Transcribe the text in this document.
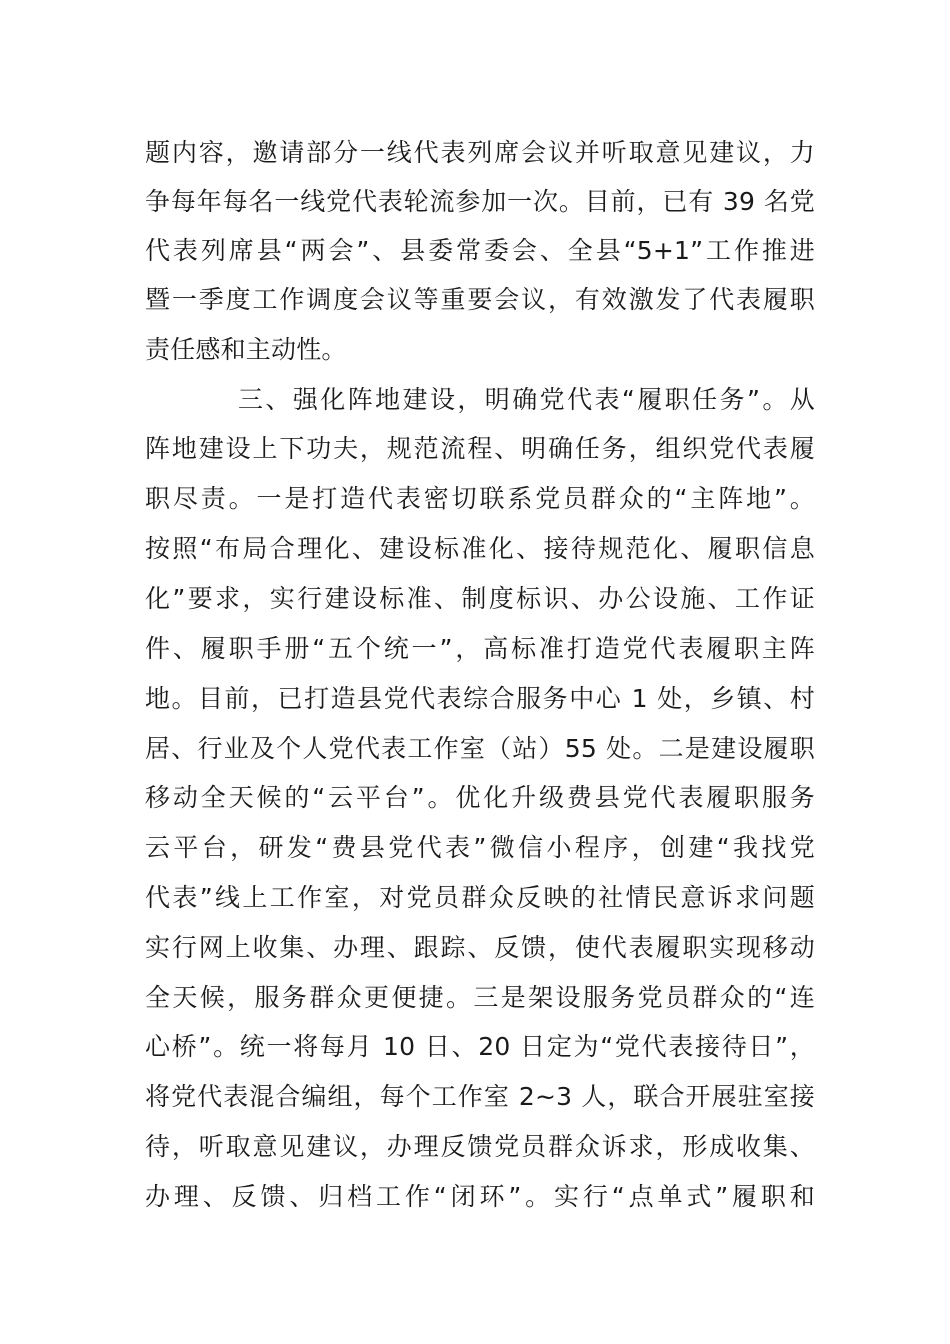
题内容，邀请部分一线代表列席会议并听取意见建议，力
争每年每名一线党代表轮流参加一次。目前，已有 39 名党
代表列席县“两会”、县委常委会、全县“5+1”工作推进
暨一季度工作调度会议等重要会议，有效激发了代表履职
责任感和主动性。
三、强化阵地建设，明确党代表“履职任务”。从
阵地建设上下功夫，规范流程、明确任务，组织党代表履
职尽责。一是打造代表密切联系党员群众的“主阵地”。
按照“布局合理化、建设标准化、接待规范化、履职信息
化”要求，实行建设标准、制度标识、办公设施、工作证
件、履职手册“五个统一”，高标准打造党代表履职主阵
地。目前，已打造县党代表综合服务中心 1 处，乡镇、村
居、行业及个人党代表工作室（站）55 处。二是建设履职
移动全天候的“云平台”。优化升级费县党代表履职服务
云平台，研发“费县党代表”微信小程序，创建“我找党
代表”线上工作室，对党员群众反映的社情民意诉求问题
实行网上收集、办理、跟踪、反馈，使代表履职实现移动
全天候，服务群众更便捷。三是架设服务党员群众的“连
心桥”。统一将每月 10 日、20 日定为“党代表接待日”，
将党代表混合编组，每个工作室 2~3 人，联合开展驻室接
待，听取意见建议，办理反馈党员群众诉求，形成收集、
办理、反馈、归档工作“闭环”。实行“点单式”履职和
